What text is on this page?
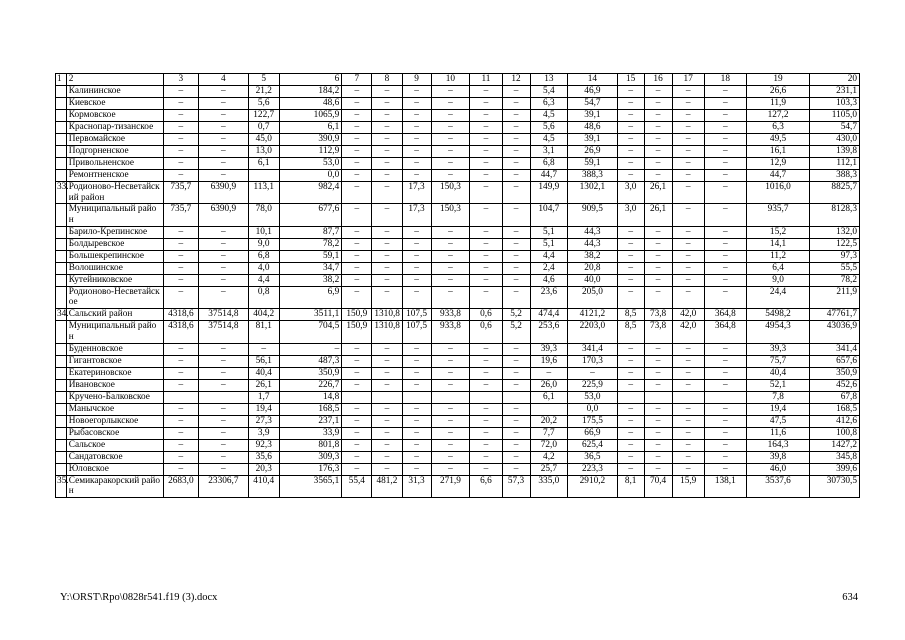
1	2	3	4	5	6	7	8	9	10	11	12	13	14	15	16	17	18	19	20
	Калининское	–	–	21,2	184,2	–	–	–	–	–	–	5,4	46,9	–	–	–	–	26,6	231,1
	Киевское	–	–	5,6	48,6	–	–	–	–	–	–	6,3	54,7	–	–	–	–	11,9	103,3
	Кормовское	–	–	122,7	1065,9	–	–	–	–	–	–	4,5	39,1	–	–	–	–	127,2	1105,0
	Краснопар-тизанское	–	–	0,7	6,1	–	–	–	–	–	–	5,6	48,6	–	–	–	–	6,3	54,7
	Первомайское	–	–	45,0	390,9	–	–	–	–	–	–	4,5	39,1	–	–	–	–	49,5	430,0
	Подгорненское	–	–	13,0	112,9	–	–	–	–	–	–	3,1	26,9	–	–	–	–	16,1	139,8
	Привольненское	–	–	6,1	53,0	–	–	–	–	–	–	6,8	59,1	–	–	–	–	12,9	112,1
	Ремонтненское	–	–		0,0	–	–	–	–	–	–	44,7	388,3	–	–	–	–	44,7	388,3
33.	Родионово-Несветайский район	735,7	6390,9	113,1	982,4	–	–	17,3	150,3	–	–	149,9	1302,1	3,0	26,1	–	–	1016,0	8825,7
	Муниципальный район	735,7	6390,9	78,0	677,6	–	–	17,3	150,3	–	–	104,7	909,5	3,0	26,1	–	–	935,7	8128,3
	Барило-Крепинское	–	–	10,1	87,7	–	–	–	–	–	–	5,1	44,3	–	–	–	–	15,2	132,0
	Болдыревское	–	–	9,0	78,2	–	–	–	–	–	–	5,1	44,3	–	–	–	–	14,1	122,5
	Большекрепинское	–	–	6,8	59,1	–	–	–	–	–	–	4,4	38,2	–	–	–	–	11,2	97,3
	Волошинское	–	–	4,0	34,7	–	–	–	–	–	–	2,4	20,8	–	–	–	–	6,4	55,5
	Кутейниковское	–	–	4,4	38,2	–	–	–	–	–	–	4,6	40,0	–	–	–	–	9,0	78,2
	Родионово-Несветайское	–	–	0,8	6,9	–	–	–	–	–	–	23,6	205,0	–	–	–	–	24,4	211,9
34.	Сальский район	4318,6	37514,8	404,2	3511,1	150,9	1310,8	107,5	933,8	0,6	5,2	474,4	4121,2	8,5	73,8	42,0	364,8	5498,2	47761,7
	Муниципальный район	4318,6	37514,8	81,1	704,5	150,9	1310,8	107,5	933,8	0,6	5,2	253,6	2203,0	8,5	73,8	42,0	364,8	4954,3	43036,9
	Буденновское	–	–	–	–	–	–	–	–	–	–	39,3	341,4	–	–	–	–	39,3	341,4
	Гигантовское	–	–	56,1	487,3	–	–	–	–	–	–	19,6	170,3	–	–	–	–	75,7	657,6
	Екатериновское	–	–	40,4	350,9	–	–	–	–	–	–	–	–	–	–	–	–	40,4	350,9
	Ивановское	–	–	26,1	226,7	–	–	–	–	–	–	26,0	225,9	–	–	–	–	52,1	452,6
	Кручено-Балковское			1,7	14,8							6,1	53,0					7,8	67,8
	Манычское	–	–	19,4	168,5	–	–	–	–	–	–		0,0	–	–	–	–	19,4	168,5
	Новоегорлыкское	–	–	27,3	237,1	–	–	–	–	–	–	20,2	175,5	–	–	–	–	47,5	412,6
	Рыбасовское	–	–	3,9	33,9	–	–	–	–	–	–	7,7	66,9	–	–	–	–	11,6	100,8
	Сальское	–	–	92,3	801,8	–	–	–	–	–	–	72,0	625,4	–	–	–	–	164,3	1427,2
	Сандатовское	–	–	35,6	309,3	–	–	–	–	–	–	4,2	36,5	–	–	–	–	39,8	345,8
	Юловское	–	–	20,3	176,3	–	–	–	–	–	–	25,7	223,3	–	–	–	–	46,0	399,6
35.	Семикаракорский район	2683,0	23306,7	410,4	3565,1	55,4	481,2	31,3	271,9	6,6	57,3	335,0	2910,2	8,1	70,4	15,9	138,1	3537,6	30730,5
Y:\ORST\Rpo\0828r541.f19 (3).docx	634
